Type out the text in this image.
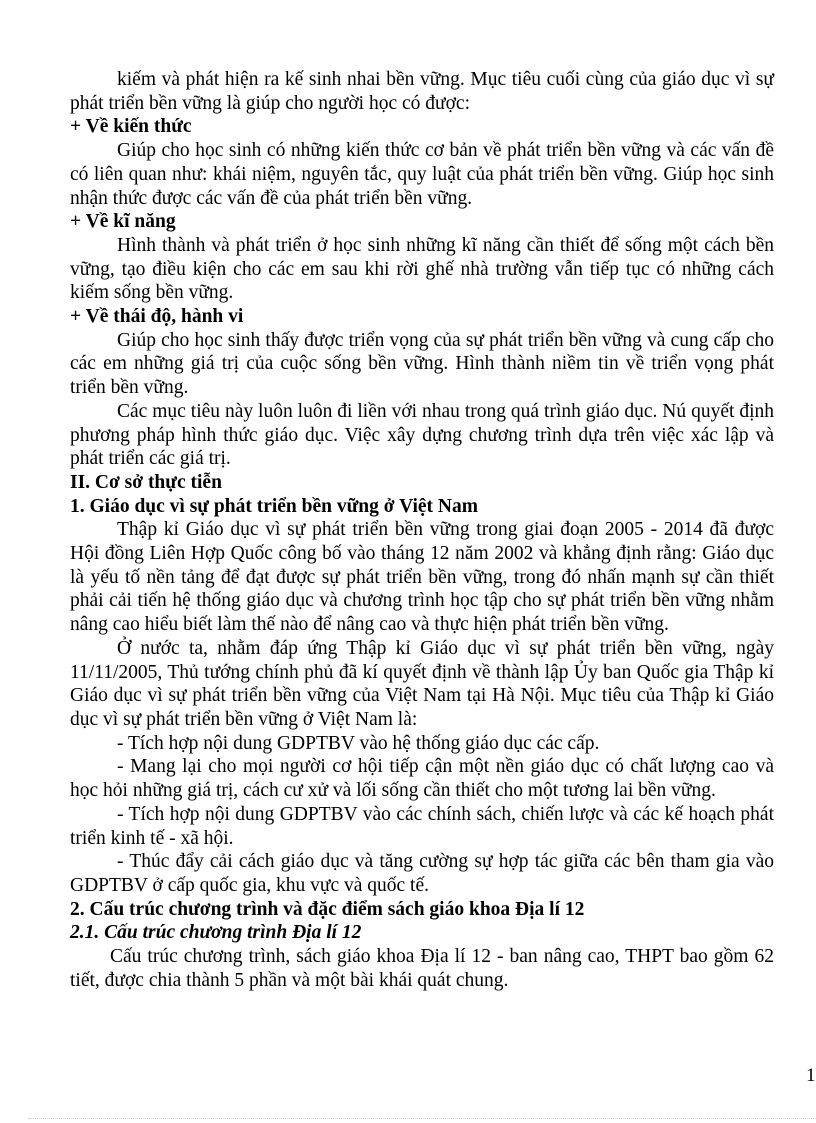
kiếm và phát hiện ra kế sinh nhai bền vững. Mục tiêu cuối cùng của giáo dục vì sự phát triển bền vững là giúp cho người học có được:

+ Về kiến thức

Giúp cho học sinh có những kiến thức cơ bản về phát triển bền vững và các vấn đề có liên quan như: khái niệm, nguyên tắc, quy luật của phát triển bền vững. Giúp học sinh nhận thức được các vấn đề của phát triển bền vững.

+ Về kĩ năng

Hình thành và phát triển ở học sinh những kĩ năng cần thiết để sống một cách bền vững, tạo điều kiện cho các em sau khi rời ghế nhà trường vẫn tiếp tục có những cách kiếm sống bền vững.

+ Về thái độ, hành vi

Giúp cho học sinh thấy được triển vọng của sự phát triển bền vững và cung cấp cho các em những giá trị của cuộc sống bền vững. Hình thành niềm tin về triển vọng phát triển bền vững.

Các mục tiêu này luôn luôn đi liền với nhau trong quá trình giáo dục. Nú quyết định phương pháp hình thức giáo dục. Việc xây dựng chương trình dựa trên việc xác lập và phát triển các giá trị.

II. Cơ sở thực tiễn

1. Giáo dục vì sự phát triển bền vững ở Việt Nam

Thập kỉ Giáo dục vì sự phát triển bền vững trong giai đoạn 2005 - 2014 đã được Hội đồng Liên Hợp Quốc công bố vào tháng 12 năm 2002 và khẳng định rằng: Giáo dục là yếu tố nền tảng để đạt được sự phát triển bền vững, trong đó nhấn mạnh sự cần thiết phải cải tiến hệ thống giáo dục và chương trình học tập cho sự phát triển bền vững nhằm nâng cao hiểu biết làm thế nào để nâng cao và thực hiện phát triển bền vững.

Ở nước ta, nhằm đáp ứng Thập kỉ Giáo dục vì sự phát triển bền vững, ngày 11/11/2005, Thủ tướng chính phủ đã kí quyết định về thành lập Ủy ban Quốc gia Thập kỉ Giáo dục vì sự phát triển bền vững của Việt Nam tại Hà Nội. Mục tiêu của Thập kỉ Giáo dục vì sự phát triển bền vững ở Việt Nam là:

- Tích hợp nội dung GDPTBV vào hệ thống giáo dục các cấp.

- Mang lại cho mọi người cơ hội tiếp cận một nền giáo dục có chất lượng cao và học hỏi những giá trị, cách cư xử và lối sống cần thiết cho một tương lai bền vững.

- Tích hợp nội dung GDPTBV vào các chính sách, chiến lược và các kế hoạch phát triển kinh tế - xã hội.

- Thúc đẩy cải cách giáo dục và tăng cường sự hợp tác giữa các bên tham gia vào GDPTBV ở cấp quốc gia, khu vực và quốc tế.

2. Cấu trúc chương trình và đặc điểm sách giáo khoa Địa lí 12

2.1. Cấu trúc chương trình Địa lí 12

Cấu trúc chương trình, sách giáo khoa Địa lí 12 - ban nâng cao, THPT bao gồm 62 tiết, được chia thành 5 phần và một bài khái quát chung.

1
